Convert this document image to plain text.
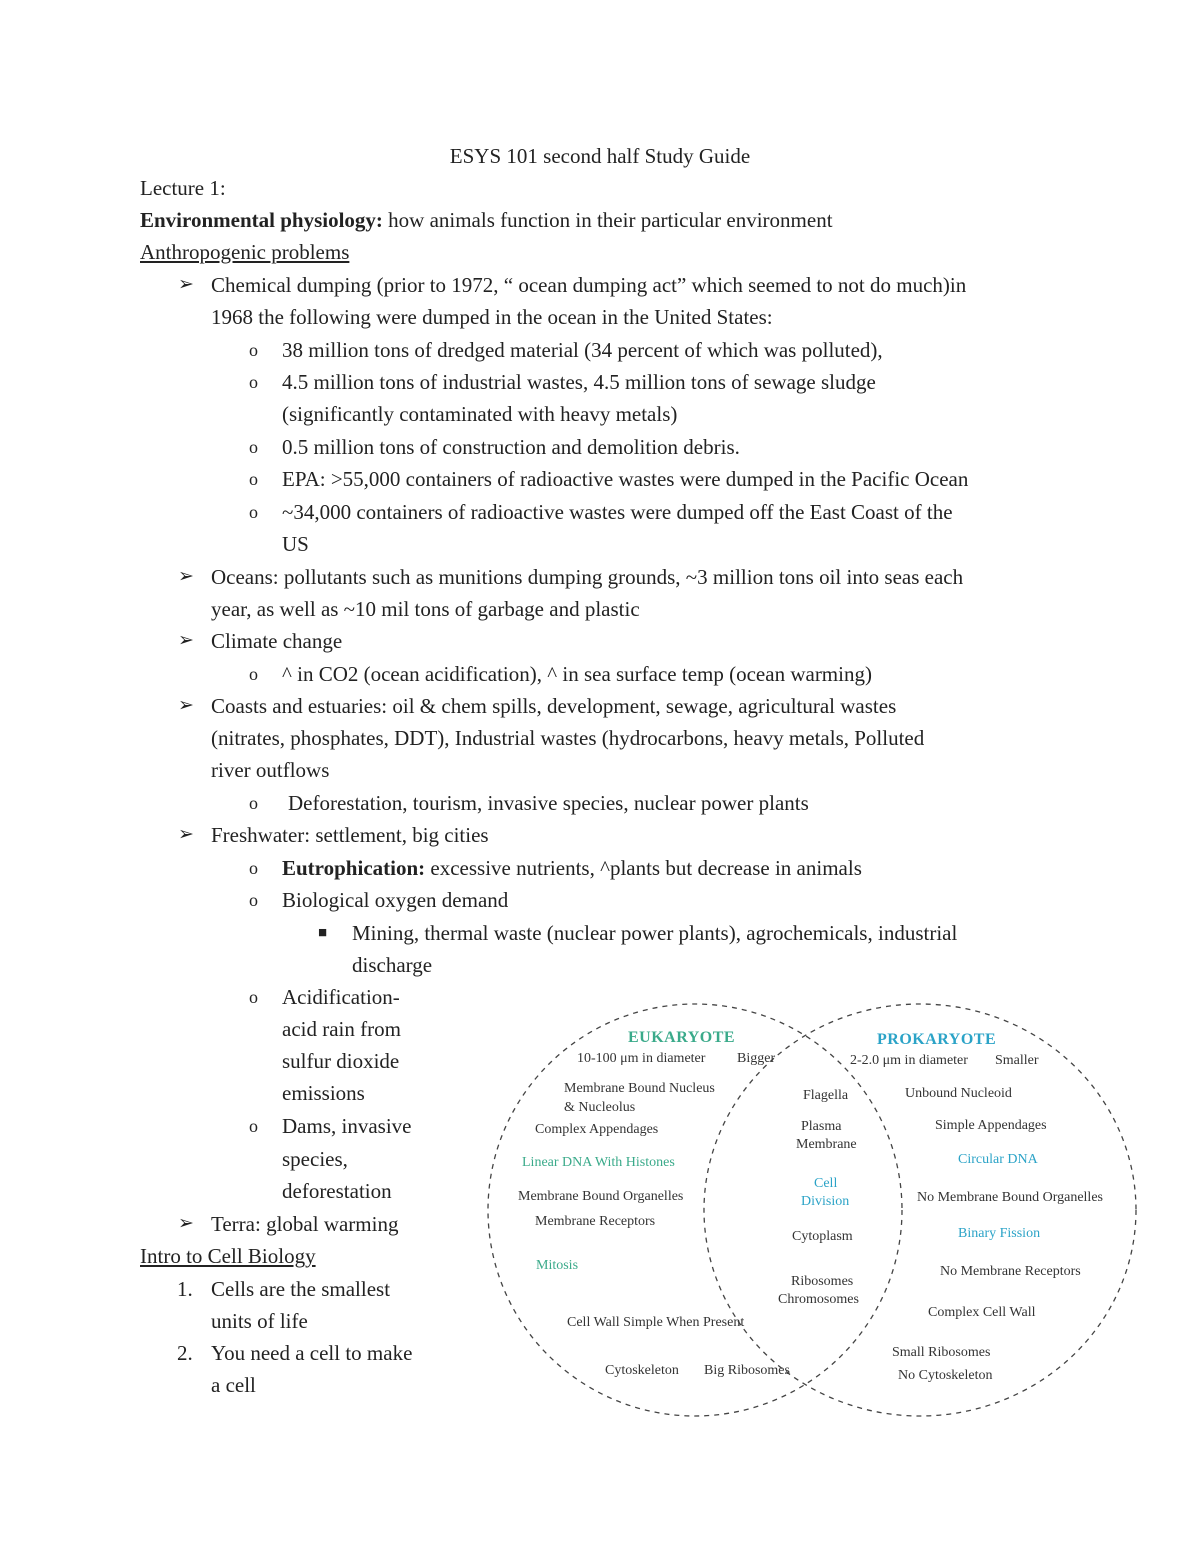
ESYS 101 second half Study Guide
Lecture 1:
Environmental physiology: how animals function in their particular environment
Anthropogenic problems
➢ Chemical dumping (prior to 1972, “ ocean dumping act” which seemed to not do much)in
1968 the following were dumped in the ocean in the United States:
o 38 million tons of dredged material (34 percent of which was polluted),
o 4.5 million tons of industrial wastes, 4.5 million tons of sewage sludge
(significantly contaminated with heavy metals)
o 0.5 million tons of construction and demolition debris.
o EPA: >55,000 containers of radioactive wastes were dumped in the Pacific Ocean
o ~34,000 containers of radioactive wastes were dumped off the East Coast of the
US
➢ Oceans: pollutants such as munitions dumping grounds, ~3 million tons oil into seas each
year, as well as ~10 mil tons of garbage and plastic
➢ Climate change
o ^ in CO2 (ocean acidification), ^ in sea surface temp (ocean warming)
➢ Coasts and estuaries: oil & chem spills, development, sewage, agricultural wastes
(nitrates, phosphates, DDT), Industrial wastes (hydrocarbons, heavy metals, Polluted
river outflows
o Deforestation, tourism, invasive species, nuclear power plants
➢ Freshwater: settlement, big cities
o Eutrophication: excessive nutrients, ^plants but decrease in animals
o Biological oxygen demand
■ Mining, thermal waste (nuclear power plants), agrochemicals, industrial
discharge
o Acidification-
acid rain from
sulfur dioxide
emissions
o Dams, invasive
species,
deforestation
➢ Terra: global warming
Intro to Cell Biology
1. Cells are the smallest
units of life
2. You need a cell to make
a cell
EUKARYOTE
10-100 μm in diameter Bigger
Membrane Bound Nucleus
& Nucleolus
Complex Appendages
Linear DNA With Histones
Membrane Bound Organelles
Membrane Receptors
Mitosis
Cell Wall Simple When Present
Cytoskeleton Big Ribosomes
Flagella
Plasma
Membrane
Cell
Division
Cytoplasm
Ribosomes
Chromosomes
PROKARYOTE
2-2.0 μm in diameter Smaller
Unbound Nucleoid
Simple Appendages
Circular DNA
No Membrane Bound Organelles
Binary Fission
No Membrane Receptors
Complex Cell Wall
Small Ribosomes
No Cytoskeleton
